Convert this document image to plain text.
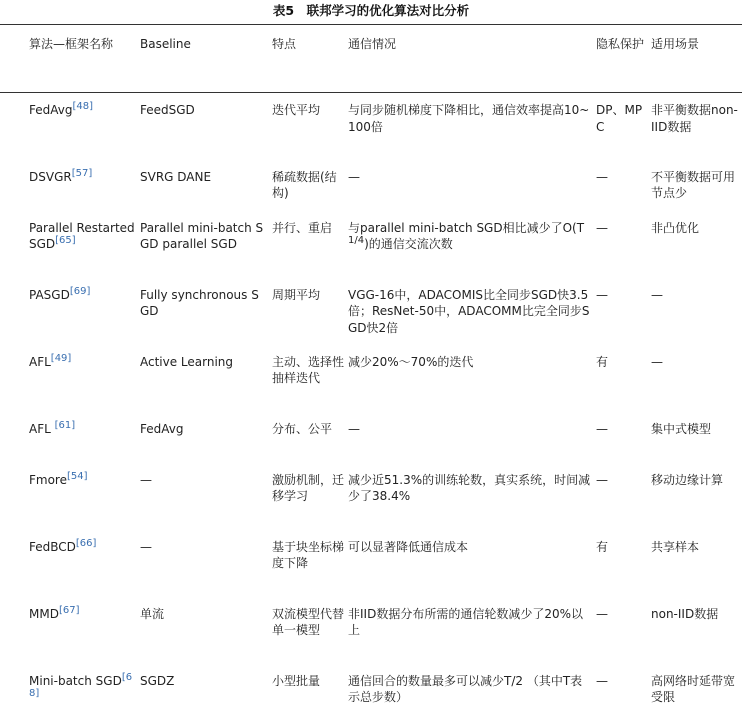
表5　联邦学习的优化算法对比分析
算法—框架名称	Baseline	特点	通信情况	隐私保护	适用场景
FedAvg[48]	FeedSGD	迭代平均	与同步随机梯度下降相比，通信效率提高10~100倍	DP、MPC	非平衡数据non-IID数据
DSVGR[57]	SVRG DANE	稀疏数据(结构)	—	—	不平衡数据可用节点少
Parallel Restarted SGD[65]	Parallel mini-batch SGD parallel SGD	并行、重启	与parallel mini-batch SGD相比减少了$O(T^{1/4})$的通信交流次数	—	非凸优化
PASGD[69]	Fully synchronous SGD	周期平均	VGG-16中，ADACOMIS比全同步SGD快3.5倍；ResNet-50中，ADACOMM比完全同步SGD快2倍	—	—
AFL[49]	Active Learning	主动、选择性抽样迭代	减少20%～70%的迭代	有	—
AFL [61]	FedAvg	分布、公平	—	—	集中式模型
Fmore[54]	—	激励机制，迁移学习	减少近51.3%的训练轮数，真实系统，时间减少了38.4%	—	移动边缘计算
FedBCD[66]	—	基于块坐标梯度下降	可以显著降低通信成本	有	共享样本
MMD[67]	单流	双流模型代替单一模型	非IID数据分布所需的通信轮数减少了20%以上	—	non-IID数据
Mini-batch SGD[68]	SGDZ	小型批量	通信回合的数量最多可以减少T/2 （其中T表示总步数）	—	高网络时延带宽受限
